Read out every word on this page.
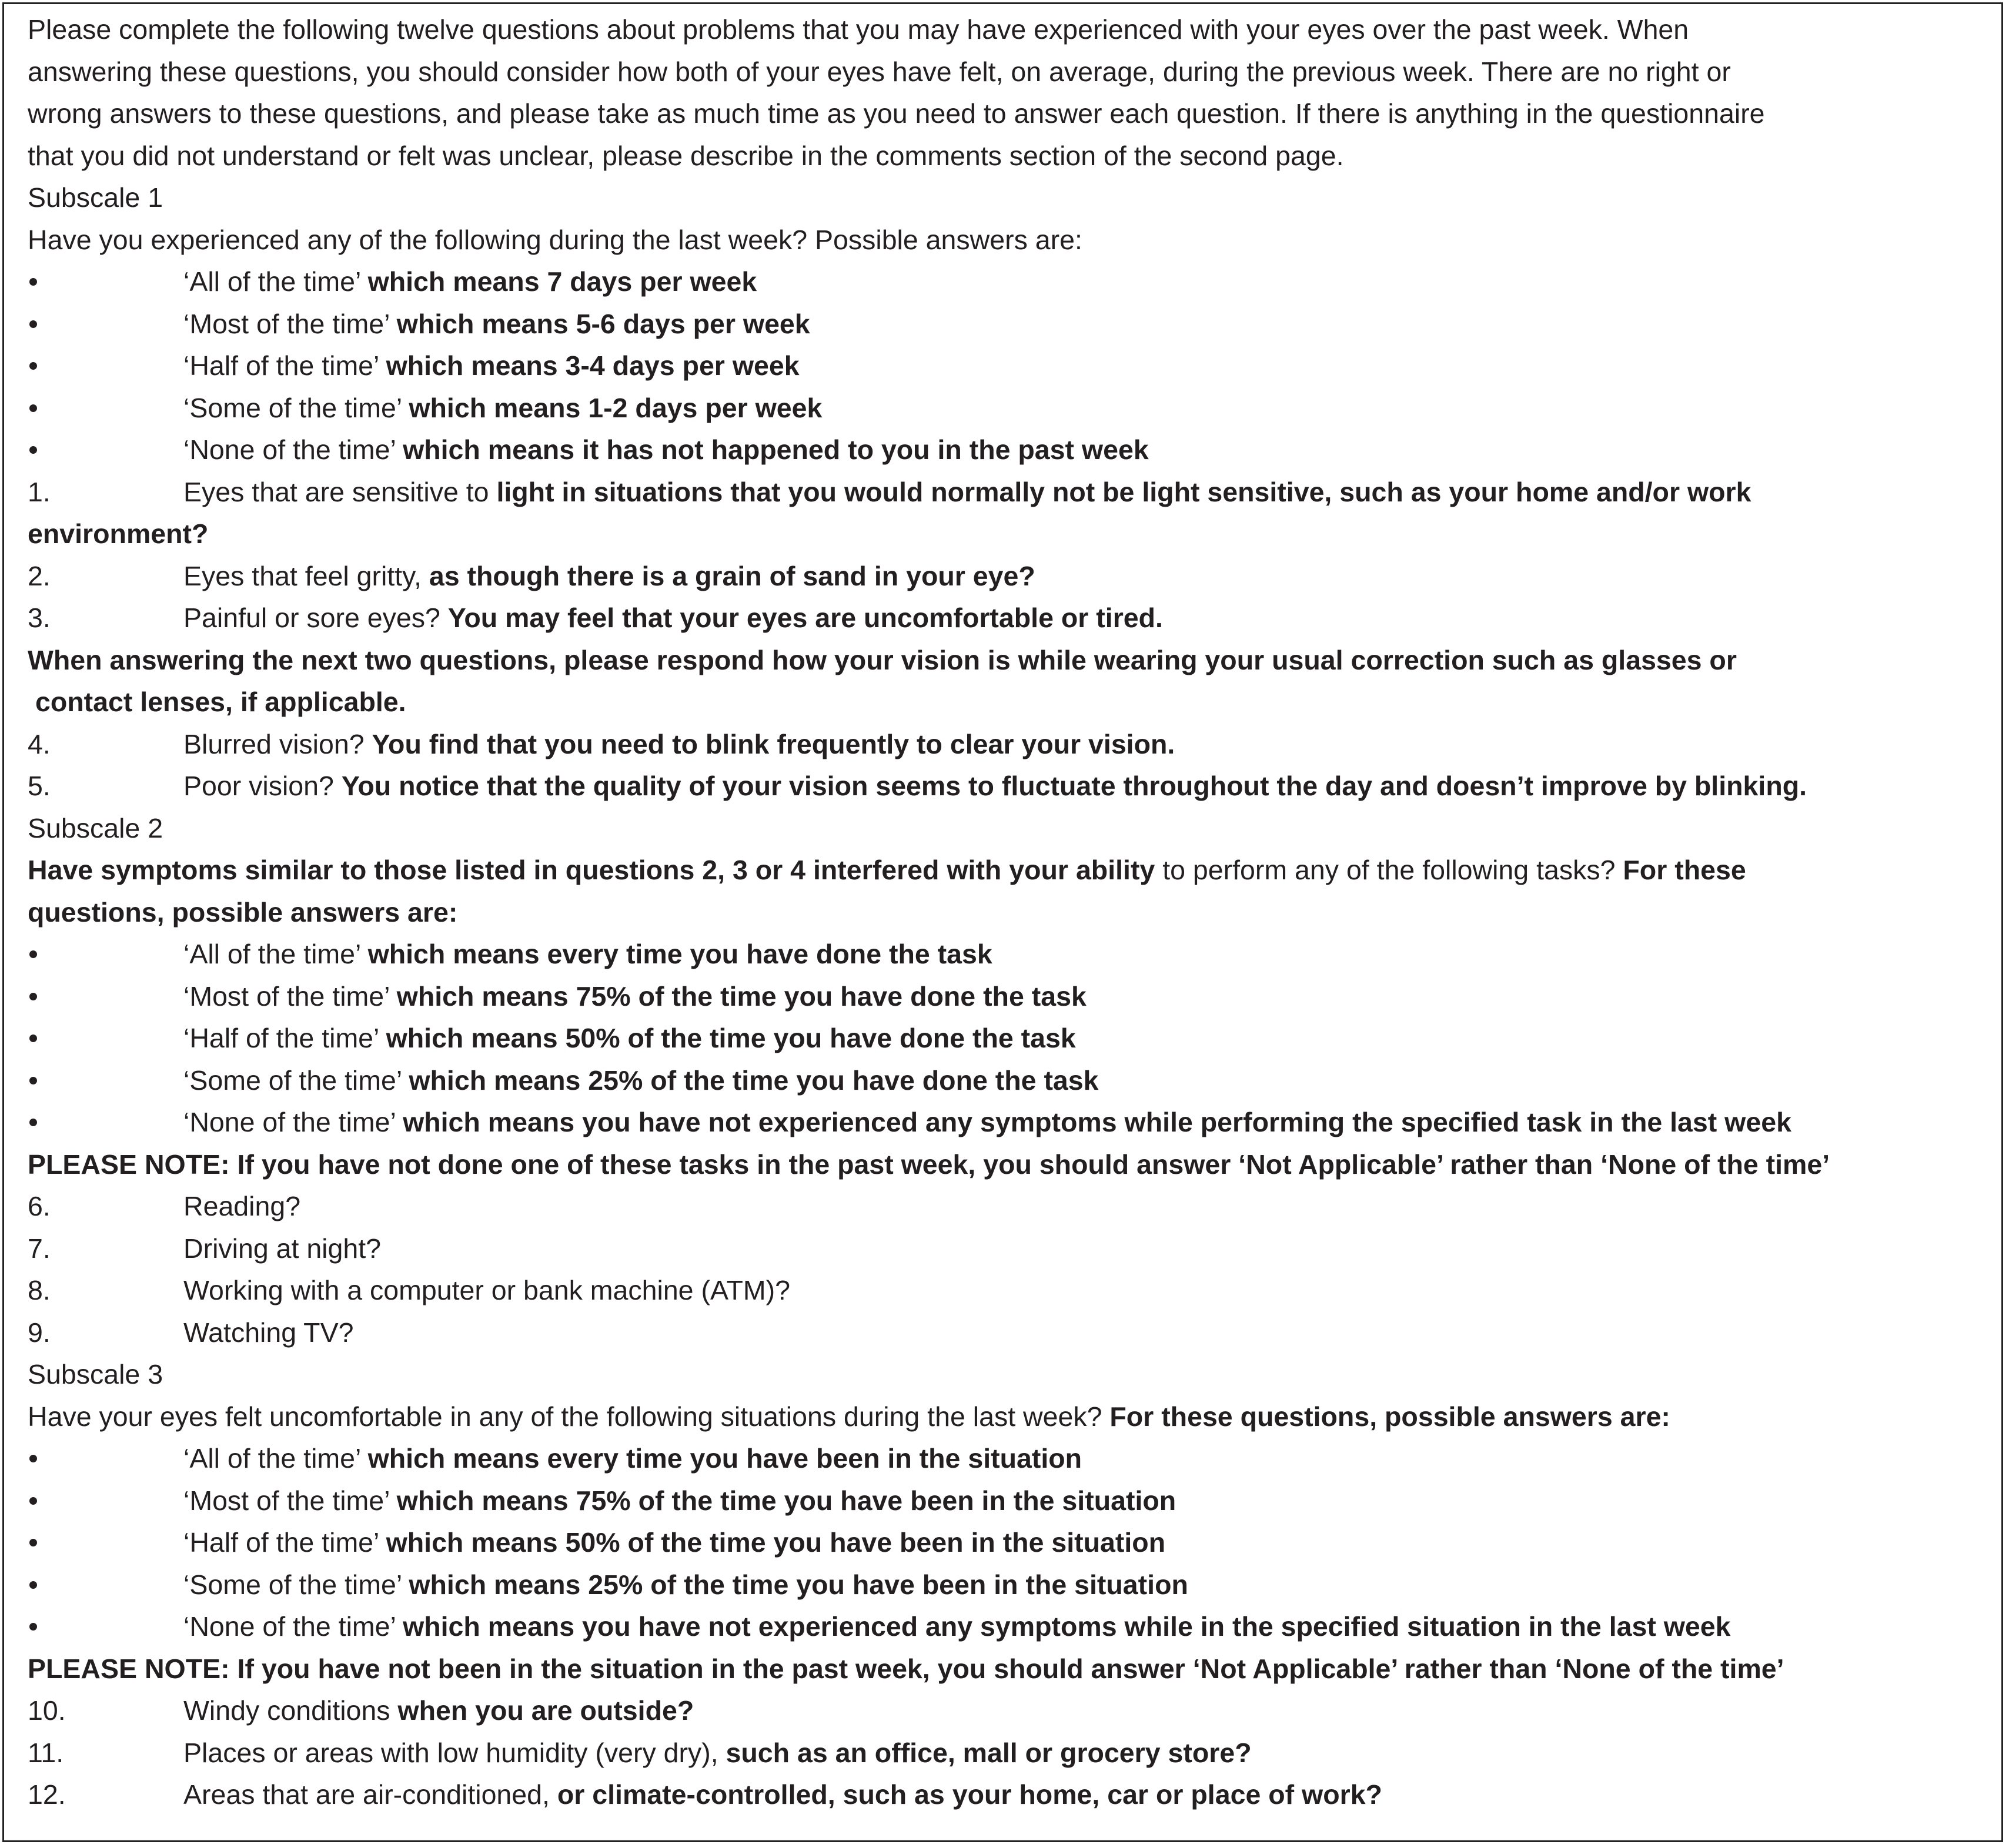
Please complete the following twelve questions about problems that you may have experienced with your eyes over the past week. When
answering these questions, you should consider how both of your eyes have felt, on average, during the previous week. There are no right or
wrong answers to these questions, and please take as much time as you need to answer each question. If there is anything in the questionnaire
that you did not understand or felt was unclear, please describe in the comments section of the second page.
Subscale 1
Have you experienced any of the following during the last week? Possible answers are:
‘All of the time’ which means 7 days per week
‘Most of the time’ which means 5-6 days per week
‘Half of the time’ which means 3-4 days per week
‘Some of the time’ which means 1-2 days per week
‘None of the time’ which means it has not happened to you in the past week
1.	Eyes that are sensitive to light in situations that you would normally not be light sensitive, such as your home and/or work
environment?
2.	Eyes that feel gritty, as though there is a grain of sand in your eye?
3.	Painful or sore eyes? You may feel that your eyes are uncomfortable or tired.
When answering the next two questions, please respond how your vision is while wearing your usual correction such as glasses or
contact lenses, if applicable.
4.	Blurred vision? You find that you need to blink frequently to clear your vision.
5.	Poor vision? You notice that the quality of your vision seems to fluctuate throughout the day and doesn’t improve by blinking.
Subscale 2
Have symptoms similar to those listed in questions 2, 3 or 4 interfered with your ability to perform any of the following tasks? For these
questions, possible answers are:
‘All of the time’ which means every time you have done the task
‘Most of the time’ which means 75% of the time you have done the task
‘Half of the time’ which means 50% of the time you have done the task
‘Some of the time’ which means 25% of the time you have done the task
‘None of the time’ which means you have not experienced any symptoms while performing the specified task in the last week
PLEASE NOTE: If you have not done one of these tasks in the past week, you should answer ‘Not Applicable’ rather than ‘None of the time’
6.	Reading?
7.	Driving at night?
8.	Working with a computer or bank machine (ATM)?
9.	Watching TV?
Subscale 3
Have your eyes felt uncomfortable in any of the following situations during the last week? For these questions, possible answers are:
‘All of the time’ which means every time you have been in the situation
‘Most of the time’ which means 75% of the time you have been in the situation
‘Half of the time’ which means 50% of the time you have been in the situation
‘Some of the time’ which means 25% of the time you have been in the situation
‘None of the time’ which means you have not experienced any symptoms while in the specified situation in the last week
PLEASE NOTE: If you have not been in the situation in the past week, you should answer ‘Not Applicable’ rather than ‘None of the time’
10.	Windy conditions when you are outside?
11.	Places or areas with low humidity (very dry), such as an office, mall or grocery store?
12.	Areas that are air-conditioned, or climate-controlled, such as your home, car or place of work?
